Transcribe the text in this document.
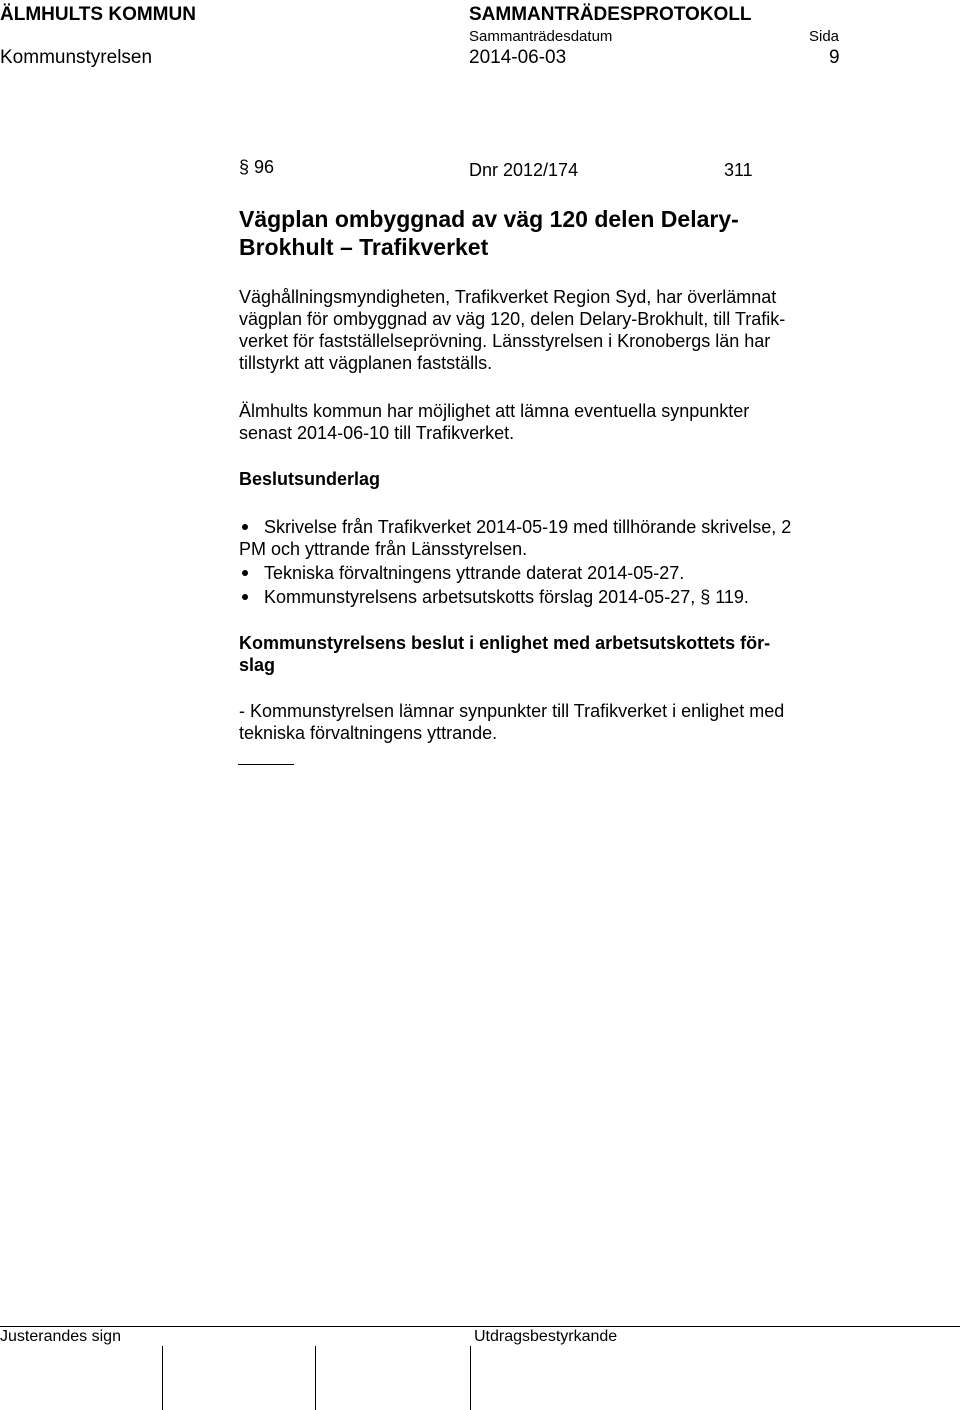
ÄLMHULTS KOMMUN	SAMMANTRÄDESPROTOKOLL
Sammanträdesdatum	Sida
Kommunstyrelsen	2014-06-03	9
§ 96	Dnr 2012/174	311
Vägplan ombyggnad av väg 120 delen Delary-
Brokhult – Trafikverket
Väghållningsmyndigheten, Trafikverket Region Syd, har överlämnat
vägplan för ombyggnad av väg 120, delen Delary-Brokhult, till Trafik-
verket för fastställelseprövning. Länsstyrelsen i Kronobergs län har
tillstyrkt att vägplanen fastställs.
Älmhults kommun har möjlighet att lämna eventuella synpunkter
senast 2014-06-10 till Trafikverket.
Beslutsunderlag
Skrivelse från Trafikverket 2014-05-19 med tillhörande skrivelse, 2
PM och yttrande från Länsstyrelsen.
Tekniska förvaltningens yttrande daterat 2014-05-27.
Kommunstyrelsens arbetsutskotts förslag 2014-05-27, § 119.
Kommunstyrelsens beslut i enlighet med arbetsutskottets för-
slag
- Kommunstyrelsen lämnar synpunkter till Trafikverket i enlighet med
tekniska förvaltningens yttrande.
Justerandes sign	Utdragsbestyrkande
